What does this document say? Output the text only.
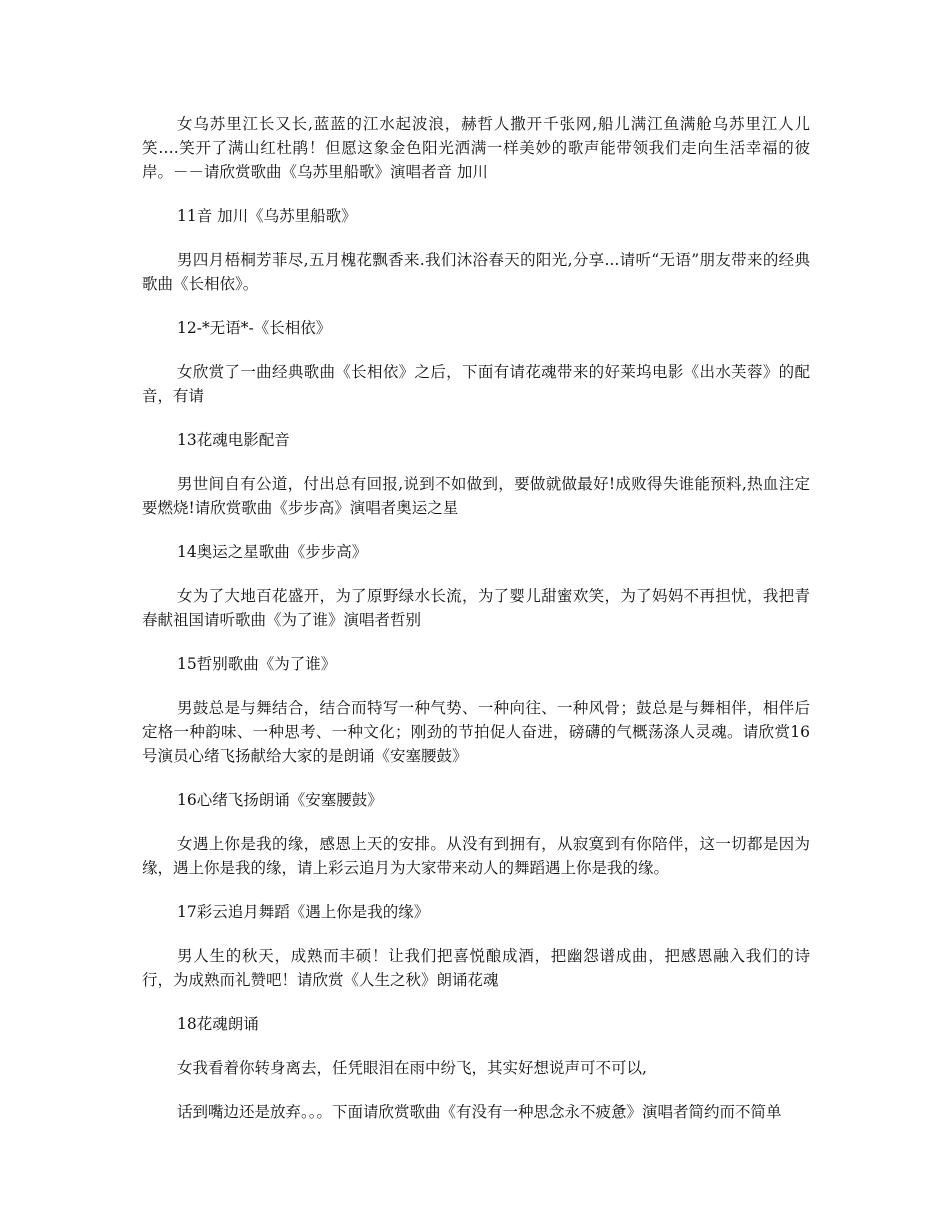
女乌苏里江长又长,蓝蓝的江水起波浪，赫哲人撒开千张网,船儿满江鱼满舱乌苏里江人儿笑….笑开了满山红杜鹃！但愿这象金色阳光洒满一样美妙的歌声能带领我们走向生活幸福的彼岸。－－请欣赏歌曲《乌苏里船歌》演唱者音 加川

11音 加川《乌苏里船歌》

男四月梧桐芳菲尽,五月槐花飘香来.我们沐浴春天的阳光,分享...请听“无语”朋友带来的经典歌曲《长相依》。

12-*无语*-《长相依》

女欣赏了一曲经典歌曲《长相依》之后，下面有请花魂带来的好莱坞电影《出水芙蓉》的配音，有请

13花魂电影配音

男世间自有公道，付出总有回报,说到不如做到，要做就做最好!成败得失谁能预料,热血注定要燃烧!请欣赏歌曲《步步高》演唱者奥运之星

14奥运之星歌曲《步步高》

女为了大地百花盛开，为了原野绿水长流，为了婴儿甜蜜欢笑，为了妈妈不再担忧，我把青春献祖国请听歌曲《为了谁》演唱者哲别

15哲别歌曲《为了谁》

男鼓总是与舞结合，结合而特写一种气势、一种向往、一种风骨；鼓总是与舞相伴，相伴后定格一种韵味、一种思考、一种文化；刚劲的节拍促人奋进，磅礴的气概荡涤人灵魂。请欣赏16号演员心绪飞扬献给大家的是朗诵《安塞腰鼓》

16心绪飞扬朗诵《安塞腰鼓》

女遇上你是我的缘，感恩上天的安排。从没有到拥有，从寂寞到有你陪伴，这一切都是因为缘，遇上你是我的缘，请上彩云追月为大家带来动人的舞蹈遇上你是我的缘。

17彩云追月舞蹈《遇上你是我的缘》

男人生的秋天，成熟而丰硕！让我们把喜悦酿成酒，把幽怨谱成曲，把感恩融入我们的诗行，为成熟而礼赞吧！请欣赏《人生之秋》朗诵花魂

18花魂朗诵

女我看着你转身离去，任凭眼泪在雨中纷飞，其实好想说声可不可以,

话到嘴边还是放弃。。。下面请欣赏歌曲《有没有一种思念永不疲惫》演唱者简约而不简单
